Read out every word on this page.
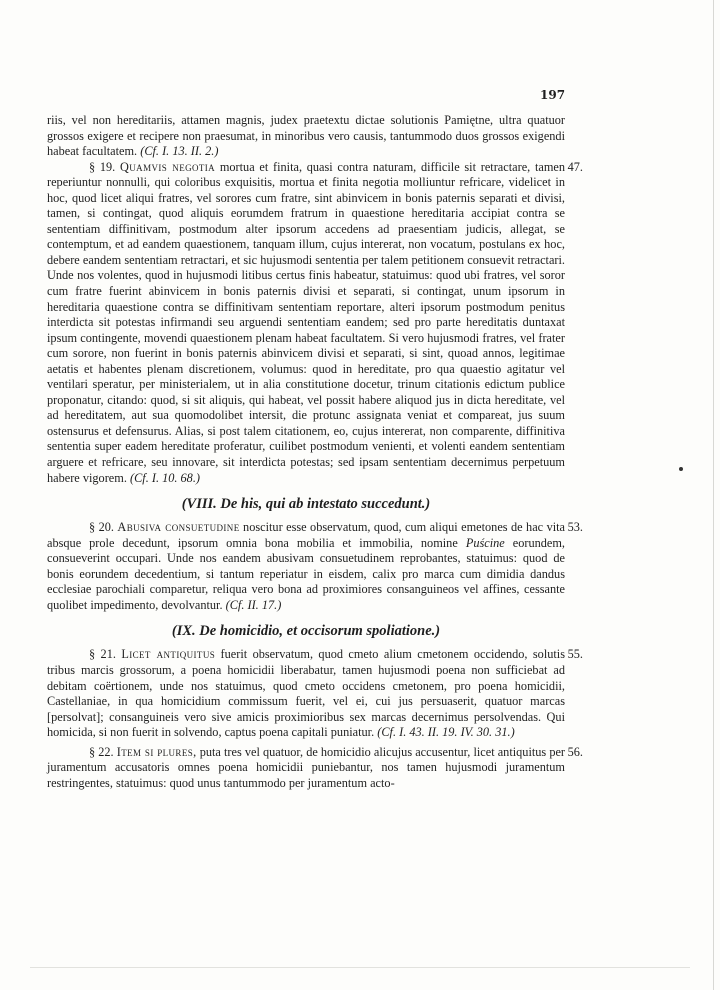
197

riis, vel non hereditariis, attamen magnis, judex praetextu dictae solutionis Pamiętne, ultra quatuor grossos exigere et recipere non praesumat, in minoribus vero causis, tantummodo duos grossos exigendi habeat facultatem. (Cf. I. 13. II. 2.)

47.
§ 19. Quamvis negotia mortua et finita, quasi contra naturam, difficile sit retractare, tamen reperiuntur nonnulli, qui coloribus exquisitis, mortua et finita negotia molliuntur refricare, videlicet in hoc, quod licet aliqui fratres, vel sorores cum fratre, sint abinvicem in bonis paternis separati et divisi, tamen, si contingat, quod aliquis eorumdem fratrum in quaestione hereditaria accipiat contra se sententiam diffinitivam, postmodum alter ipsorum accedens ad praesentiam judicis, allegat, se contemptum, et ad eandem quaestionem, tanquam illum, cujus intererat, non vocatum, postulans ex hoc, debere eandem sententiam retractari, et sic hujusmodi sententia per talem petitionem consuevit retractari. Unde nos volentes, quod in hujusmodi litibus certus finis habeatur, statuimus: quod ubi fratres, vel soror cum fratre fuerint abinvicem in bonis paternis divisi et separati, si contingat, unum ipsorum in hereditaria quaestione contra se diffinitivam sententiam reportare, alteri ipsorum postmodum penitus interdicta sit potestas infirmandi seu arguendi sententiam eandem; sed pro parte hereditatis duntaxat ipsum contingente, movendi quaestionem plenam habeat facultatem. Si vero hujusmodi fratres, vel frater cum sorore, non fuerint in bonis paternis abinvicem divisi et separati, si sint, quoad annos, legitimae aetatis et habentes plenam discretionem, volumus: quod in hereditate, pro qua quaestio agitatur vel ventilari speratur, per ministerialem, ut in alia constitutione docetur, trinum citationis edictum publice proponatur, citando: quod, si sit aliquis, qui habeat, vel possit habere aliquod jus in dicta hereditate, vel ad hereditatem, aut sua quomodolibet intersit, die protunc assignata veniat et compareat, jus suum ostensurus et defensurus. Alias, si post talem citationem, eo, cujus intererat, non comparente, diffinitiva sententia super eadem hereditate proferatur, cuilibet postmodum venienti, et volenti eandem sententiam arguere et refricare, seu innovare, sit interdicta potestas; sed ipsam sententiam decernimus perpetuum habere vigorem. (Cf. I. 10. 68.)

(VIII. De his, qui ab intestato succedunt.)

53.
§ 20. Abusiva consuetudine noscitur esse observatum, quod, cum aliqui emetones de hac vita absque prole decedunt, ipsorum omnia bona mobilia et immobilia, nomine Puścine eorundem, consueverint occupari. Unde nos eandem abusivam consuetudinem reprobantes, statuimus: quod de bonis eorundem decedentium, si tantum reperiatur in eisdem, calix pro marca cum dimidia dandus ecclesiae parochiali comparetur, reliqua vero bona ad proximiores consanguineos vel affines, cessante quolibet impedimento, devolvantur. (Cf. II. 17.)

(IX. De homicidio, et occisorum spoliatione.)

55.
§ 21. Licet antiquitus fuerit observatum, quod cmeto alium cmetonem occidendo, solutis tribus marcis grossorum, a poena homicidii liberabatur, tamen hujusmodi poena non sufficiebat ad debitam coërtionem, unde nos statuimus, quod cmeto occidens cmetonem, pro poena homicidii, Castellaniae, in qua homicidium commissum fuerit, vel ei, cui jus persuaserit, quatuor marcas [persolvat]; consanguineis vero sive amicis proximioribus sex marcas decernimus persolvendas. Qui homicida, si non fuerit in solvendo, captus poena capitali puniatur. (Cf. I. 43. II. 19. IV. 30. 31.)

56.
§ 22. Item si plures, puta tres vel quatuor, de homicidio alicujus accusentur, licet antiquitus per juramentum accusatoris omnes poena homicidii puniebantur, nos tamen hujusmodi juramentum restringentes, statuimus: quod unus tantummodo per juramentum acto-
